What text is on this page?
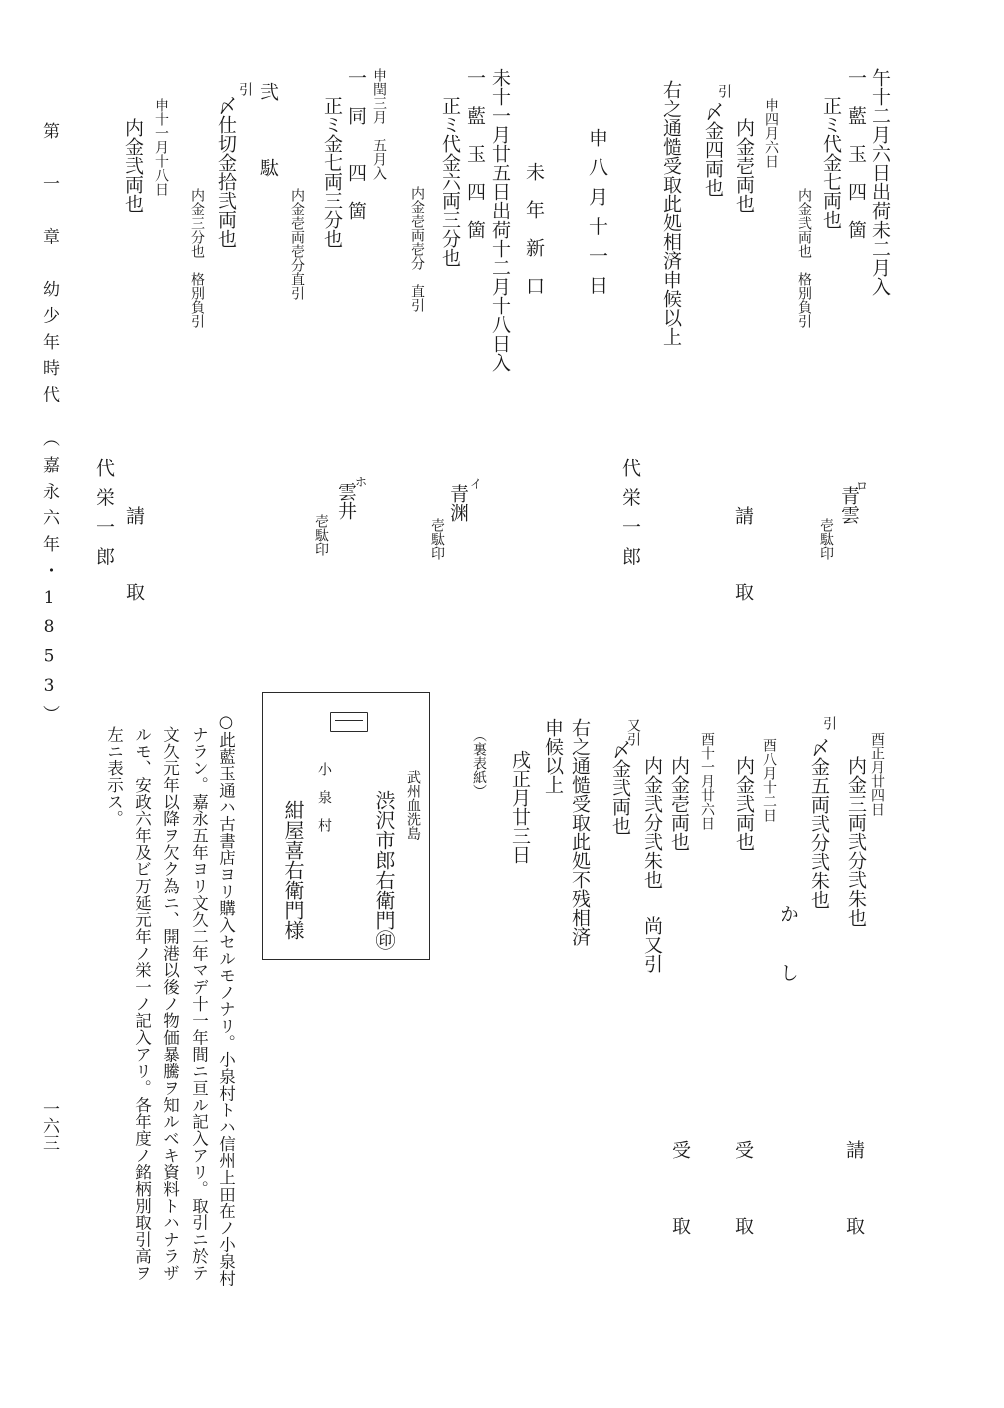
午十二月六日出荷未二月入
一　藍　玉　四　箇
正ミ代金七両也
内金弐両也　格別負引
申四月六日
内金壱両也
引
〆金四両也
右之通慥受取此処相済申候以上
請　取
青雲
壱駄印
ロ
申八月十一日
代栄一郎
未年新口
未十一月廿五日出荷十二月十八日入
一　藍　玉　四　箇
正ミ代金六両三分也
内金壱両壱分　直引
青渊
壱駄印
イ
申閏三月　五月入
一　同　　四　箇
正ミ金七両三分也
内金壱両壱分直引
雲井
壱駄印
ホ
弐　駄
引
〆仕切金拾弐両也
内金三分也　格別負引
申十一月十八日
内金弐両也
請　取
代栄一郎
第　一　章　幼少年時代　（嘉永六年・1853）
酉正月廿四日
内金三両弐分弐朱也
引
〆金五両弐分弐朱也
か　し
請　取
酉八月十二日
内金弐両也
受　取
酉十一月廿六日
内金壱両也
内金弐分弐朱也
尚又引
又引
〆金弐両也
受　取
右之通慥受取此処不残相済
申候以上
戌正月廿三日
（裏表紙）
武州血洗島
渋沢市郎右衛門㊞
小　泉　村
紺屋喜右衛門様
○此藍玉通ハ古書店ヨリ購入セルモノナリ。小泉村トハ信州上田在ノ小泉村
ナラン。嘉永五年ヨリ文久二年マデ十一年間ニ亘ル記入アリ。取引ニ於テ
文久元年以降ヲ欠ク為ニ、開港以後ノ物価暴騰ヲ知ルベキ資料トハナラザ
ルモ、安政六年及ビ万延元年ノ栄一ノ記入アリ。各年度ノ銘柄別取引高ヲ
左ニ表示ス。
一六三
